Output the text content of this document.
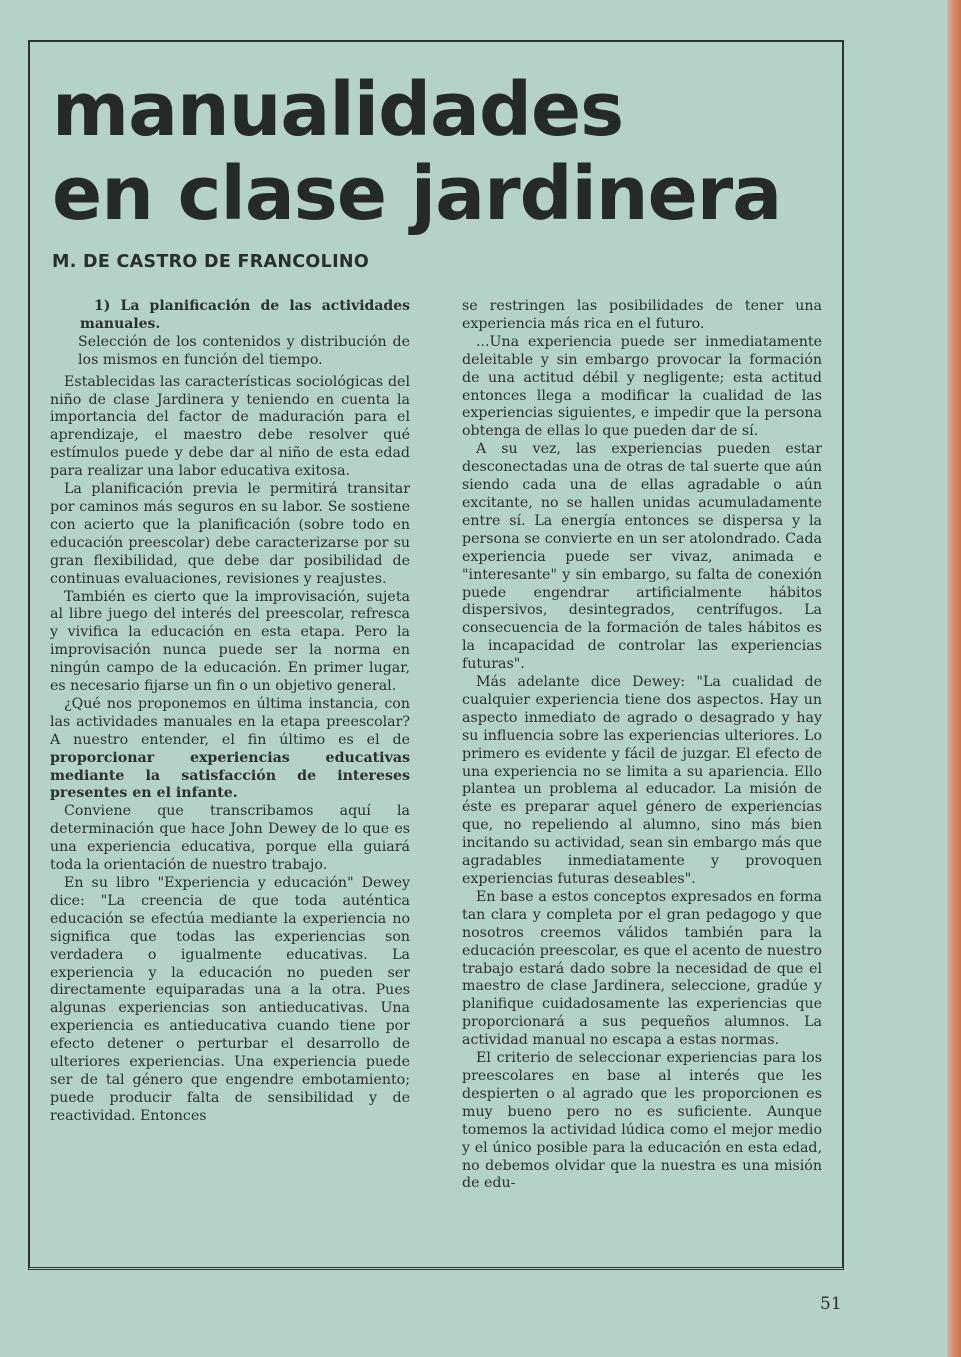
manualidades
en clase jardinera
M. DE CASTRO DE FRANCOLINO

1) La planificación de las actividades manuales.

Selección de los contenidos y distribución de los mismos en función del tiempo.

Establecidas las características sociológicas del niño de clase Jardinera y teniendo en cuenta la importancia del factor de maduración para el aprendizaje, el maestro debe resolver qué estímulos puede y debe dar al niño de esta edad para realizar una labor educativa exitosa.

La planificación previa le permitirá transitar por caminos más seguros en su labor. Se sostiene con acierto que la planificación (sobre todo en educación preescolar) debe caracterizarse por su gran flexibilidad, que debe dar posibilidad de continuas evaluaciones, revisiones y reajustes.

También es cierto que la improvisación, sujeta al libre juego del interés del preescolar, refresca y vivifica la educación en esta etapa. Pero la improvisación nunca puede ser la norma en ningún campo de la educación. En primer lugar, es necesario fijarse un fin o un objetivo general.

¿Qué nos proponemos en última instancia, con las actividades manuales en la etapa preescolar? A nuestro entender, el fin último es el de proporcionar experiencias educativas mediante la satisfacción de intereses presentes en el infante.

Conviene que transcribamos aquí la determinación que hace John Dewey de lo que es una experiencia educativa, porque ella guiará toda la orientación de nuestro trabajo.

En su libro "Experiencia y educación" Dewey dice: "La creencia de que toda auténtica educación se efectúa mediante la experiencia no significa que todas las experiencias son verdadera o igualmente educativas. La experiencia y la educación no pueden ser directamente equiparadas una a la otra. Pues algunas experiencias son antieducativas. Una experiencia es antieducativa cuando tiene por efecto detener o perturbar el desarrollo de ulteriores experiencias. Una experiencia puede ser de tal género que engendre embotamiento; puede producir falta de sensibilidad y de reactividad. Entonces

se restringen las posibilidades de tener una experiencia más rica en el futuro.

...Una experiencia puede ser inmediatamente deleitable y sin embargo provocar la formación de una actitud débil y negligente; esta actitud entonces llega a modificar la cualidad de las experiencias siguientes, e impedir que la persona obtenga de ellas lo que pueden dar de sí.

A su vez, las experiencias pueden estar desconectadas una de otras de tal suerte que aún siendo cada una de ellas agradable o aún excitante, no se hallen unidas acumuladamente entre sí. La energía entonces se dispersa y la persona se convierte en un ser atolondrado. Cada experiencia puede ser vivaz, animada e "interesante" y sin embargo, su falta de conexión puede engendrar artificialmente hábitos dispersivos, desintegrados, centrífugos. La consecuencia de la formación de tales hábitos es la incapacidad de controlar las experiencias futuras".

Más adelante dice Dewey: "La cualidad de cualquier experiencia tiene dos aspectos. Hay un aspecto inmediato de agrado o desagrado y hay su influencia sobre las experiencias ulteriores. Lo primero es evidente y fácil de juzgar. El efecto de una experiencia no se limita a su apariencia. Ello plantea un problema al educador. La misión de éste es preparar aquel género de experiencias que, no repeliendo al alumno, sino más bien incitando su actividad, sean sin embargo más que agradables inmediatamente y provoquen experiencias futuras deseables".

En base a estos conceptos expresados en forma tan clara y completa por el gran pedagogo y que nosotros creemos válidos también para la educación preescolar, es que el acento de nuestro trabajo estará dado sobre la necesidad de que el maestro de clase Jardinera, seleccione, gradúe y planifique cuidadosamente las experiencias que proporcionará a sus pequeños alumnos. La actividad manual no escapa a estas normas.

El criterio de seleccionar experiencias para los preescolares en base al interés que les despierten o al agrado que les proporcionen es muy bueno pero no es suficiente. Aunque tomemos la actividad lúdica como el mejor medio y el único posible para la educación en esta edad, no debemos olvidar que la nuestra es una misión de edu-

51
